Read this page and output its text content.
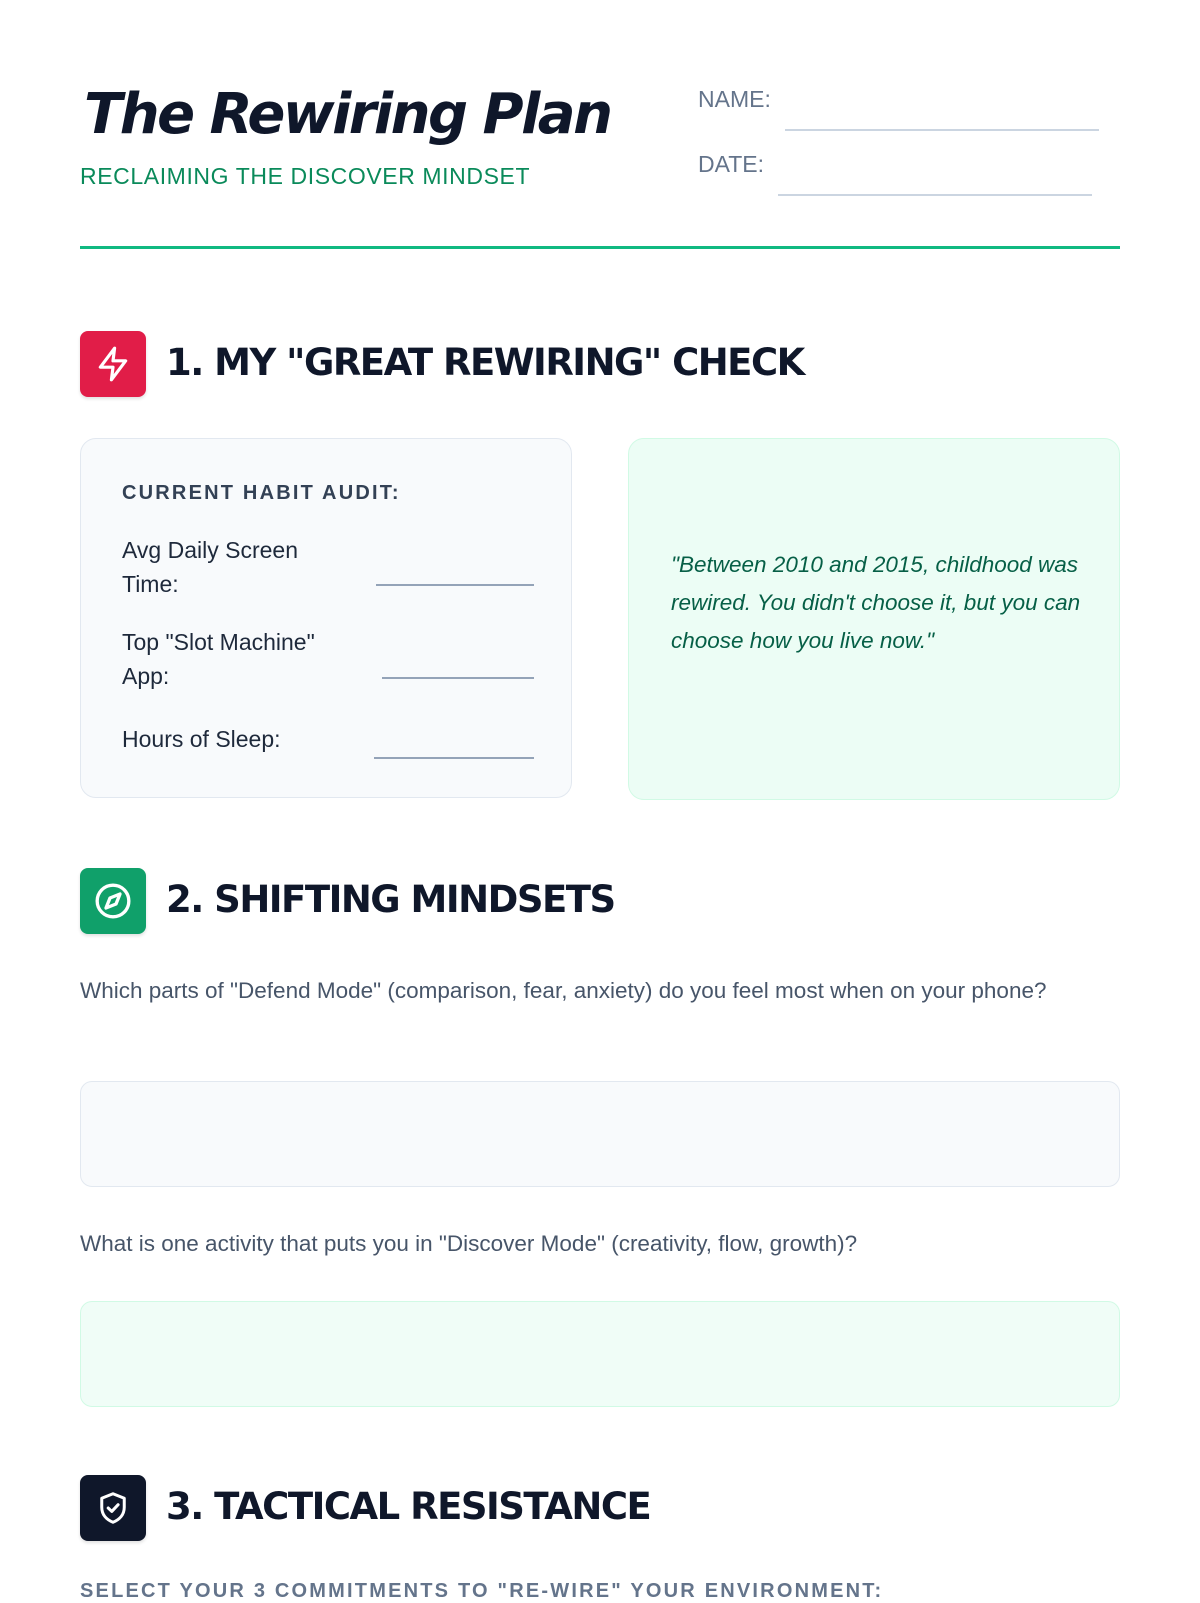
The Rewiring Plan
RECLAIMING THE DISCOVER MINDSET
NAME:
DATE:
1. MY "GREAT REWIRING" CHECK
CURRENT HABIT AUDIT:
Avg Daily Screen Time:
Top "Slot Machine" App:
Hours of Sleep:
"Between 2010 and 2015, childhood was rewired. You didn't choose it, but you can choose how you live now."
2. SHIFTING MINDSETS
Which parts of "Defend Mode" (comparison, fear, anxiety) do you feel most when on your phone?
What is one activity that puts you in "Discover Mode" (creativity, flow, growth)?
3. TACTICAL RESISTANCE
SELECT YOUR 3 COMMITMENTS TO "RE-WIRE" YOUR ENVIRONMENT:
